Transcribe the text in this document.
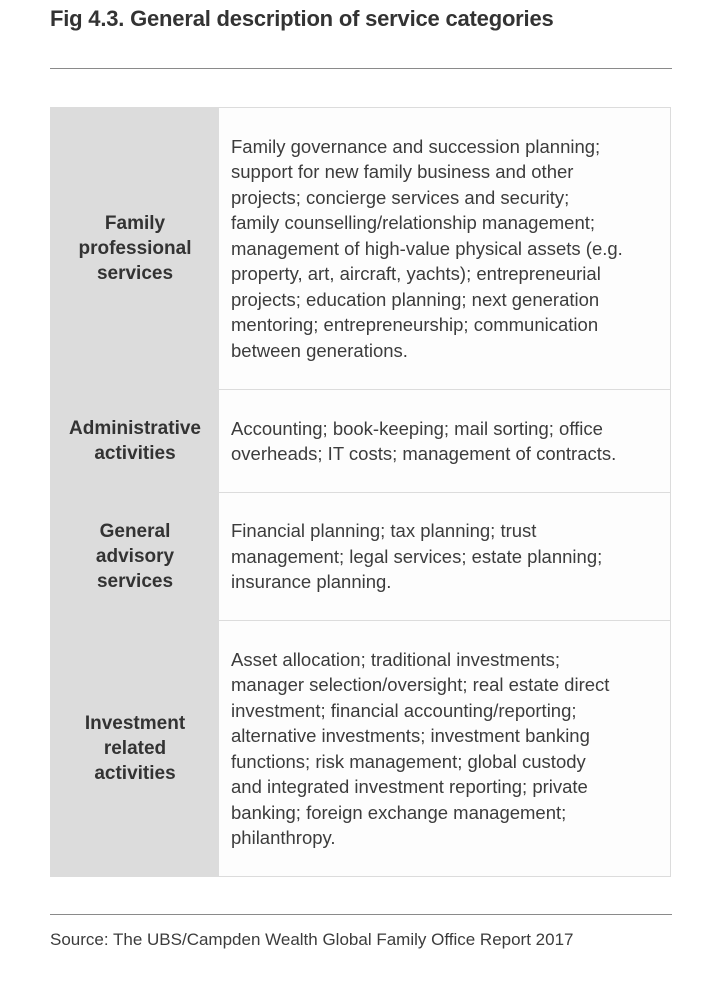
Fig 4.3. General description of service categories
Family
professional
services
Family governance and succession planning;
support for new family business and other
projects; concierge services and security;
family counselling/relationship management;
management of high-value physical assets (e.g.
property, art, aircraft, yachts); entrepreneurial
projects; education planning; next generation
mentoring; entrepreneurship; communication
between generations.
Administrative
activities
Accounting; book-keeping; mail sorting; office
overheads; IT costs; management of contracts.
General
advisory
services
Financial planning; tax planning; trust
management; legal services; estate planning;
insurance planning.
Investment
related
activities
Asset allocation; traditional investments;
manager selection/oversight; real estate direct
investment; financial accounting/reporting;
alternative investments; investment banking
functions; risk management; global custody
and integrated investment reporting; private
banking; foreign exchange management;
philanthropy.
Source: The UBS/Campden Wealth Global Family Office Report 2017
